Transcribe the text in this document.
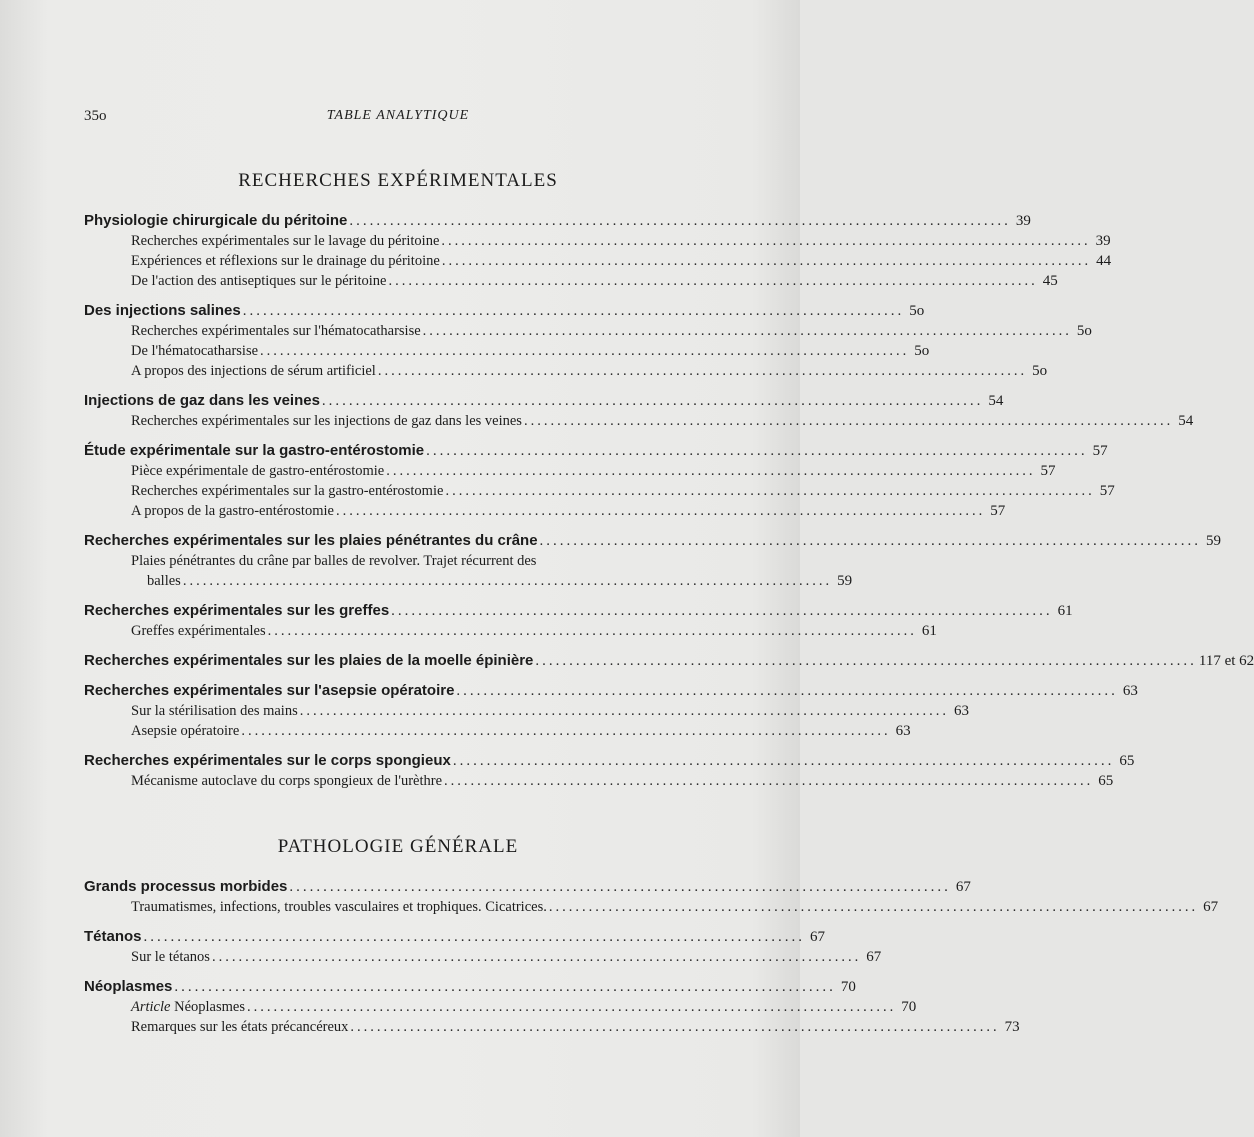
35o	TABLE ANALYTIQUE
RECHERCHES EXPÉRIMENTALES
Physiologie chirurgicale du péritoine .................................................................................................. 39
Recherches expérimentales sur le lavage du péritoine .................................................................................................. 39
Expériences et réflexions sur le drainage du péritoine .................................................................................................. 44
De l'action des antiseptiques sur le péritoine .................................................................................................. 45
Des injections salines .................................................................................................. 5o
Recherches expérimentales sur l'hématocatharsise .................................................................................................. 5o
De l'hématocatharsise .................................................................................................. 5o
A propos des injections de sérum artificiel .................................................................................................. 5o
Injections de gaz dans les veines .................................................................................................. 54
Recherches expérimentales sur les injections de gaz dans les veines .................................................................................................. 54
Étude expérimentale sur la gastro-entérostomie .................................................................................................. 57
Pièce expérimentale de gastro-entérostomie .................................................................................................. 57
Recherches expérimentales sur la gastro-entérostomie .................................................................................................. 57
A propos de la gastro-entérostomie .................................................................................................. 57
Recherches expérimentales sur les plaies pénétrantes du crâne .................................................................................................. 59
Plaies pénétrantes du crâne par balles de revolver. Trajet récurrent des
balles .................................................................................................. 59
Recherches expérimentales sur les greffes .................................................................................................. 61
Greffes expérimentales .................................................................................................. 61
Recherches expérimentales sur les plaies de la moelle épinière .................................................................................................. 117 et 62
Recherches expérimentales sur l'asepsie opératoire .................................................................................................. 63
Sur la stérilisation des mains .................................................................................................. 63
Asepsie opératoire .................................................................................................. 63
Recherches expérimentales sur le corps spongieux .................................................................................................. 65
Mécanisme autoclave du corps spongieux de l'urèthre .................................................................................................. 65
PATHOLOGIE GÉNÉRALE
Grands processus morbides .................................................................................................. 67
Traumatismes, infections, troubles vasculaires et trophiques. Cicatrices. .................................................................................................. 67
Tétanos .................................................................................................. 67
Sur le tétanos .................................................................................................. 67
Néoplasmes .................................................................................................. 70
Article Néoplasmes .................................................................................................. 70
Remarques sur les états précancéreux .................................................................................................. 73
